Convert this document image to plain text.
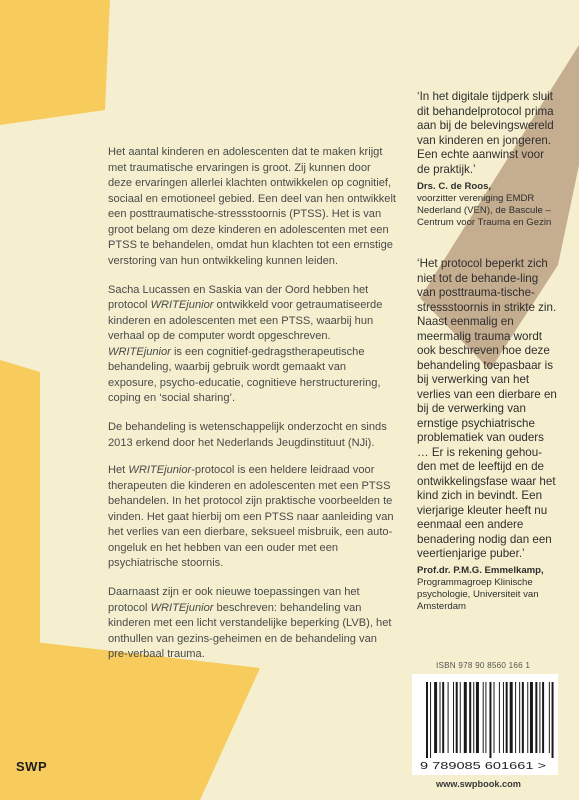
Het aantal kinderen en adolescenten dat te maken krijgt met traumatische ervaringen is groot. Zij kunnen door deze ervaringen allerlei klachten ontwikkelen op cognitief, sociaal en emotioneel gebied. Een deel van hen ontwikkelt een posttraumatische-stressstoornis (PTSS). Het is van groot belang om deze kinderen en adolescenten met een PTSS te behandelen, omdat hun klachten tot een ernstige verstoring van hun ontwikkeling kunnen leiden.

Sacha Lucassen en Saskia van der Oord hebben het protocol WRITEjunior ontwikkeld voor getraumatiseerde kinderen en adolescenten met een PTSS, waarbij hun verhaal op de computer wordt opgeschreven. WRITEjunior is een cognitief-gedragstherapeutische behandeling, waarbij gebruik wordt gemaakt van exposure, psycho-educatie, cognitieve herstructurering, coping en ‘social sharing’.

De behandeling is wetenschappelijk onderzocht en sinds 2013 erkend door het Nederlands Jeugdinstituut (NJi).

Het WRITEjunior-protocol is een heldere leidraad voor therapeuten die kinderen en adolescenten met een PTSS behandelen. In het protocol zijn praktische voorbeelden te vinden. Het gaat hierbij om een PTSS naar aanleiding van het verlies van een dierbare, seksueel misbruik, een auto-ongeluk en het hebben van een ouder met een psychiatrische stoornis.

Daarnaast zijn er ook nieuwe toepassingen van het protocol WRITEjunior beschreven: behandeling van kinderen met een licht verstandelijke beperking (LVB), het onthullen van gezins-geheimen en de behandeling van pre-verbaal trauma.

‘In het digitale tijdperk sluit dit behandelprotocol prima aan bij de belevingswereld van kinderen en jongeren. Een echte aanwinst voor de praktijk.’

Drs. C. de Roos,
voorzitter vereniging EMDR Nederland (VEN), de Bascule – Centrum voor Trauma en Gezin

‘Het protocol beperkt zich niet tot de behande-ling van posttrauma-tische-stressstoornis in strikte zin. Naast eenmalig en meermalig trauma wordt ook beschreven hoe deze behandeling toepasbaar is bij verwerking van het verlies van een dierbare en bij de verwerking van ernstige psychiatrische problematiek van ouders … Er is rekening gehou-den met de leeftijd en de ontwikkelingsfase waar het kind zich in bevindt. Een vierjarige kleuter heeft nu eenmaal een andere benadering nodig dan een veertienjarige puber.’

Prof.dr. P.M.G. Emmelkamp,
Programmagroep Klinische psychologie, Universiteit van Amsterdam
ISBN 978 90 8560 166 1
9 789085 601661 >
www.swpbook.com
SWP
